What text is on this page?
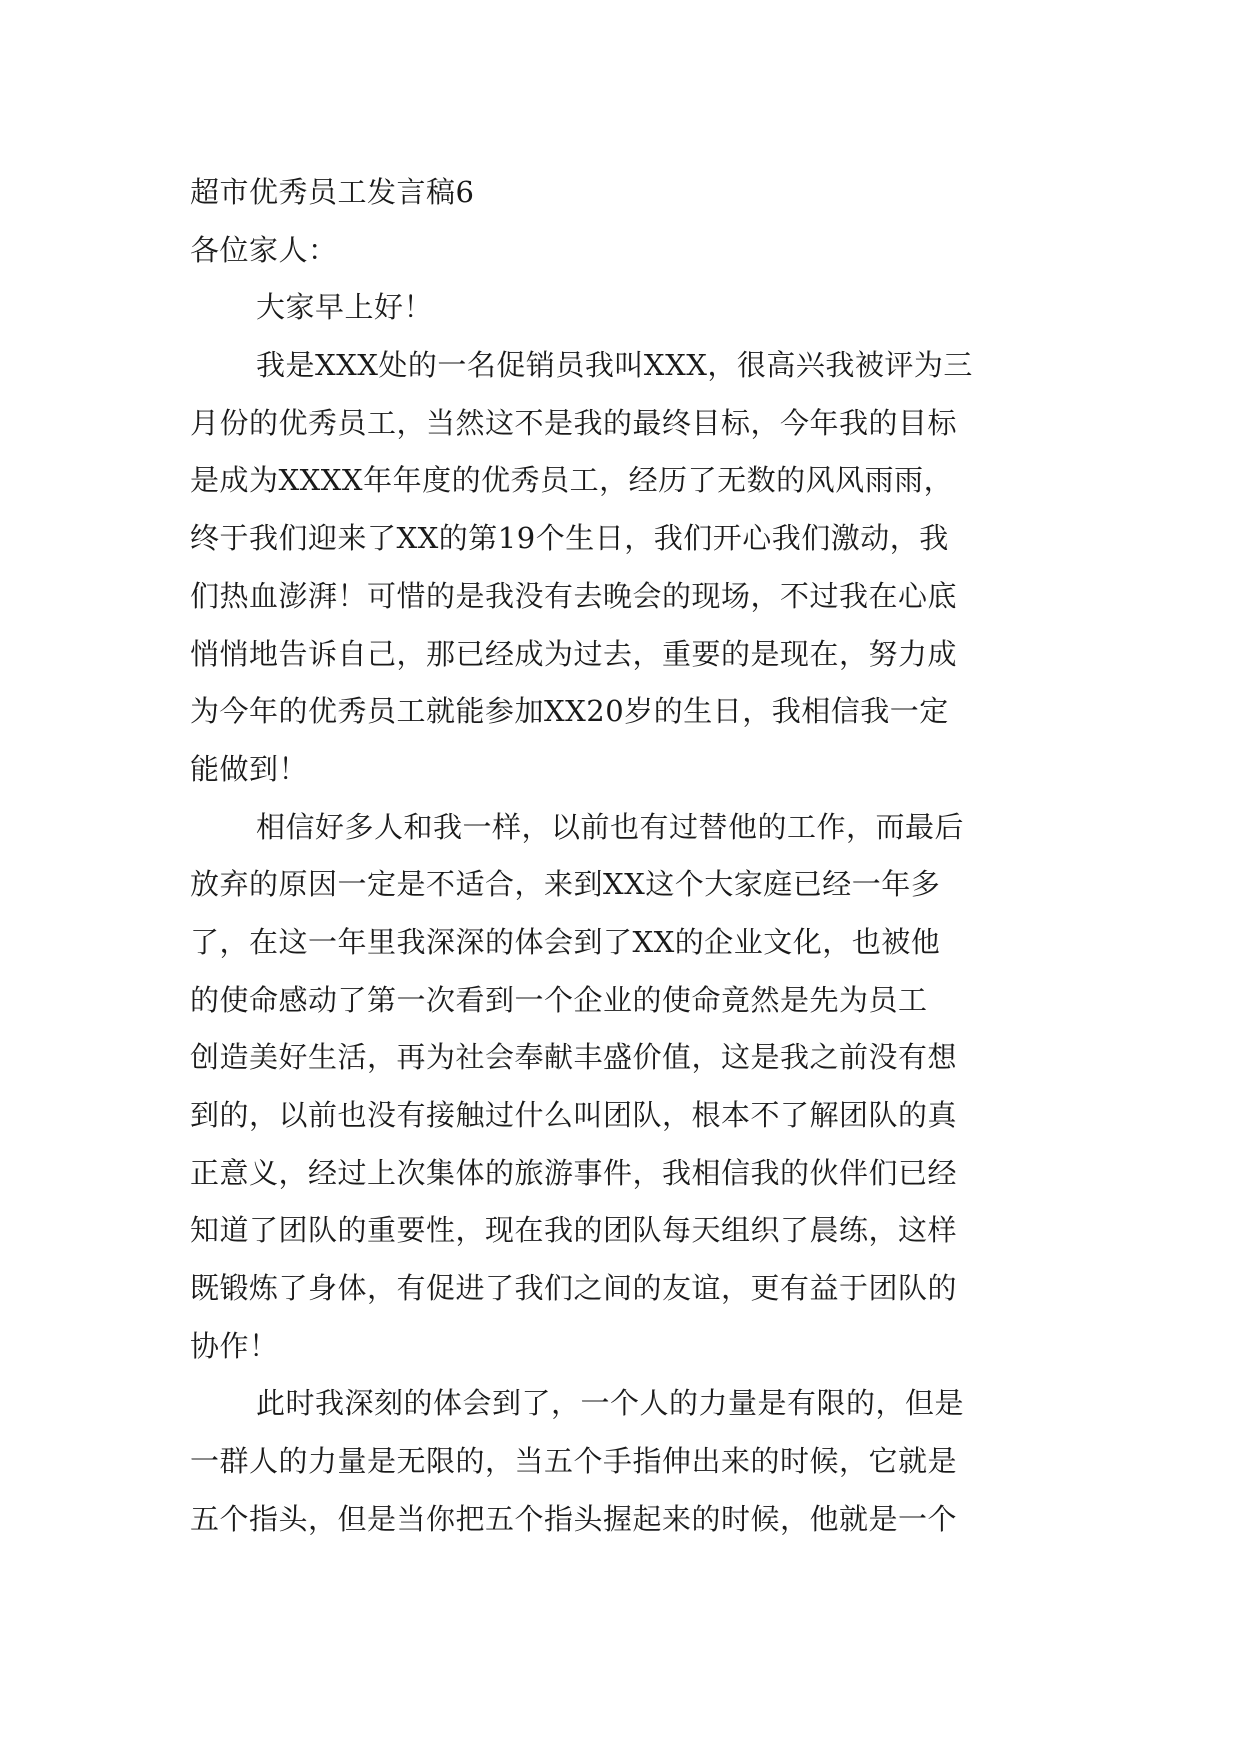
超市优秀员工发言稿6
各位家人：
大家早上好！
我是XXX处的一名促销员我叫XXX，很高兴我被评为三
月份的优秀员工，当然这不是我的最终目标，今年我的目标
是成为XXXX年年度的优秀员工，经历了无数的风风雨雨，
终于我们迎来了XX的第19个生日，我们开心我们激动，我
们热血澎湃！可惜的是我没有去晚会的现场，不过我在心底
悄悄地告诉自己，那已经成为过去，重要的是现在，努力成
为今年的优秀员工就能参加XX20岁的生日，我相信我一定
能做到！
相信好多人和我一样，以前也有过替他的工作，而最后
放弃的原因一定是不适合，来到XX这个大家庭已经一年多
了，在这一年里我深深的体会到了XX的企业文化，也被他
的使命感动了第一次看到一个企业的使命竟然是先为员工
创造美好生活，再为社会奉献丰盛价值，这是我之前没有想
到的，以前也没有接触过什么叫团队，根本不了解团队的真
正意义，经过上次集体的旅游事件，我相信我的伙伴们已经
知道了团队的重要性，现在我的团队每天组织了晨练，这样
既锻炼了身体，有促进了我们之间的友谊，更有益于团队的
协作！
此时我深刻的体会到了，一个人的力量是有限的，但是
一群人的力量是无限的，当五个手指伸出来的时候，它就是
五个指头，但是当你把五个指头握起来的时候，他就是一个
